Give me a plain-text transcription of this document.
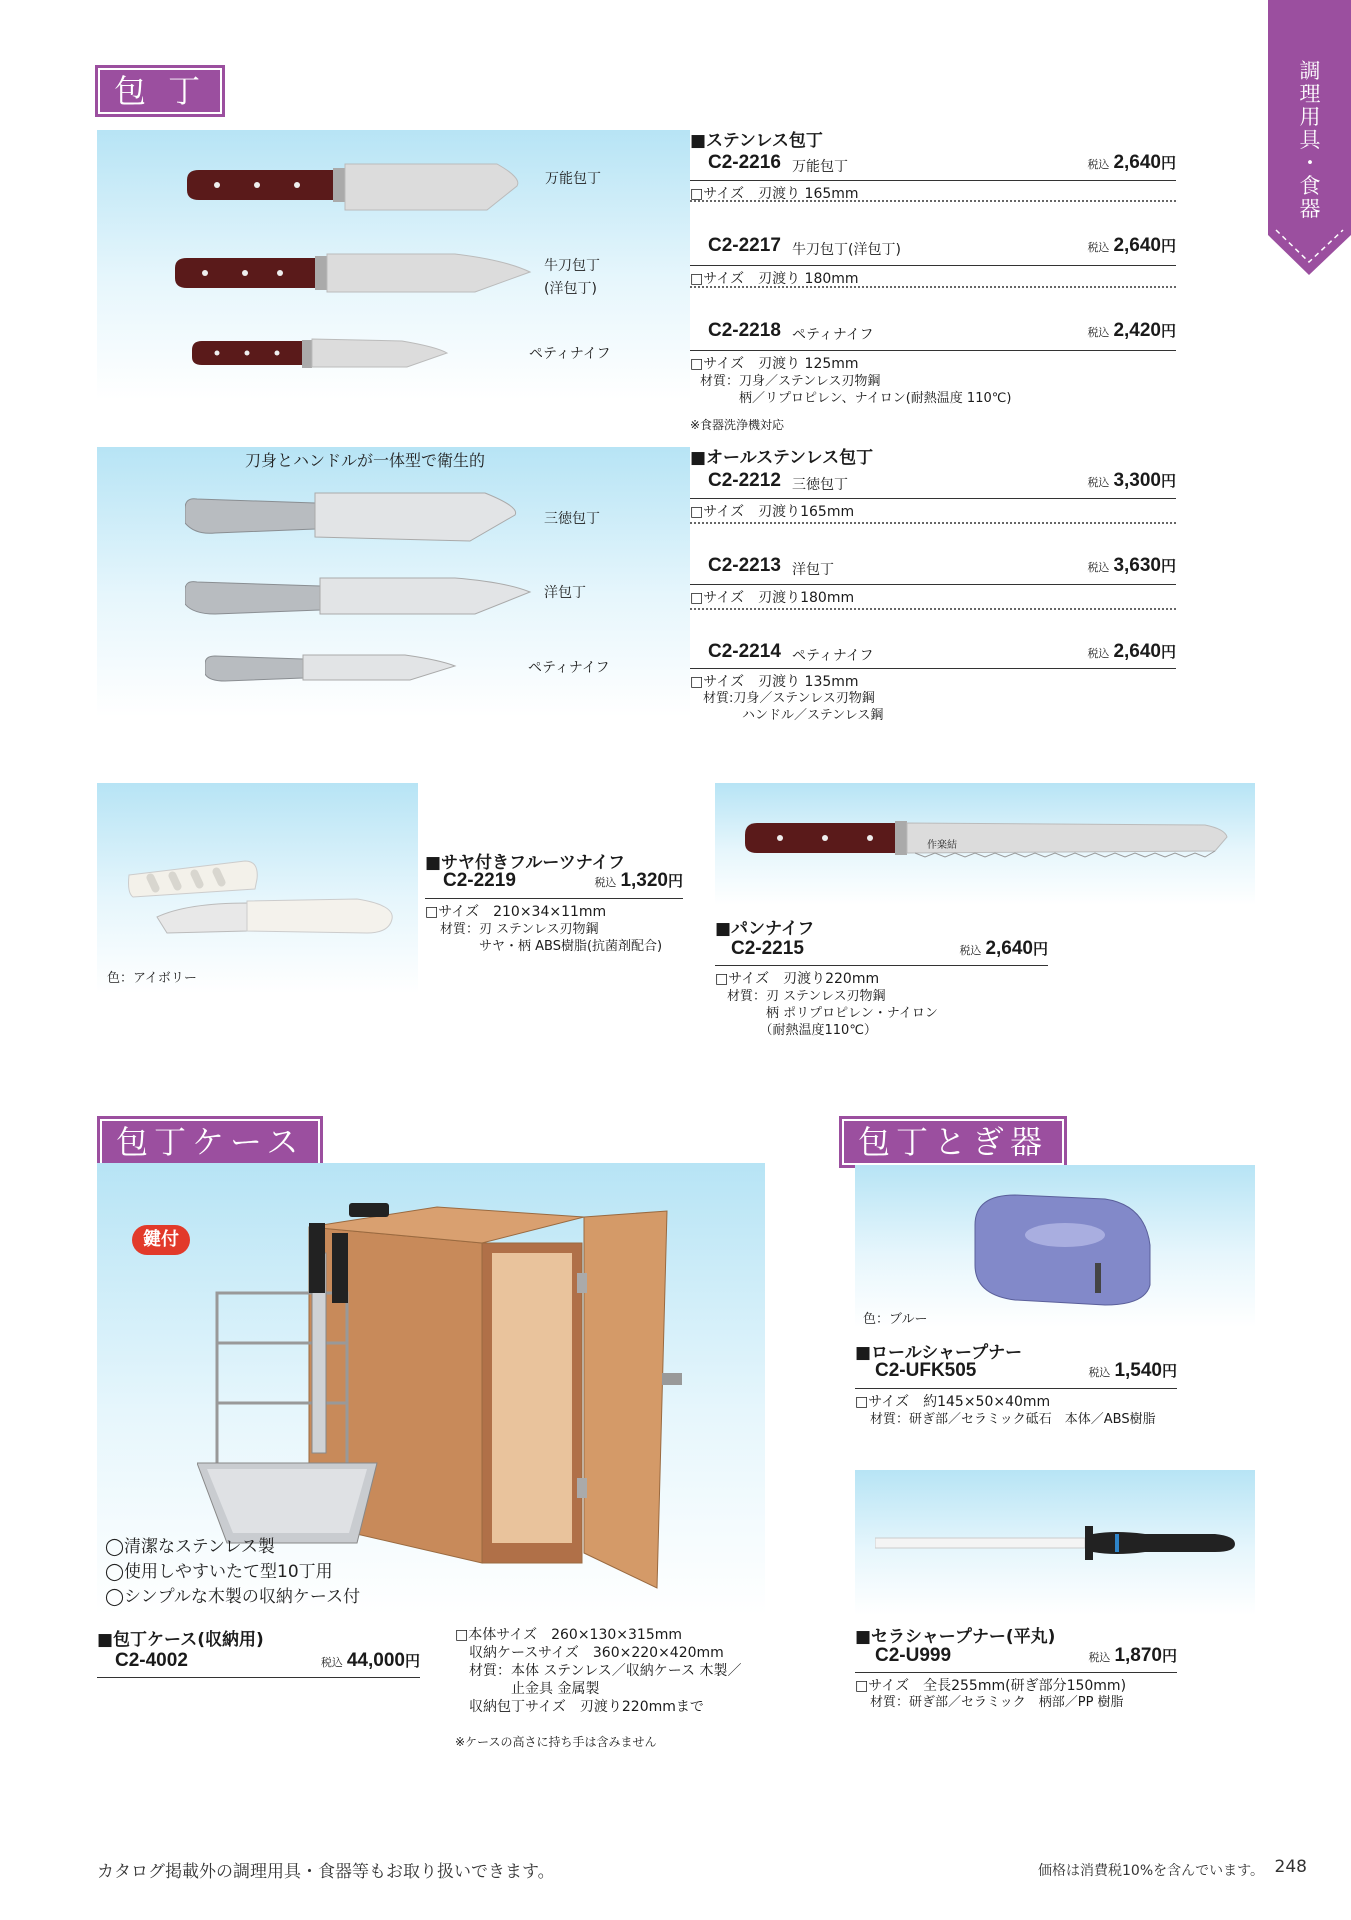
調
理
用
具
・
食
器
包 丁
万能包丁
牛刀包丁
(洋包丁)
ペティナイフ
刀身とハンドルが一体型で衛生的
三徳包丁
洋包丁
ペティナイフ
■ステンレス包丁
C2-2216 万能包丁	税込 2,640円
□サイズ　刃渡り 165mm
C2-2217 牛刀包丁(洋包丁)	税込 2,640円
□サイズ　刃渡り 180mm
C2-2218 ペティナイフ	税込 2,420円
□サイズ　刃渡り 125mm
材質：刀身／ステンレス刃物鋼
　　　柄／リプロピレン、ナイロン(耐熱温度 110℃)
※食器洗浄機対応
■オールステンレス包丁
C2-2212 三徳包丁	税込 3,300円
□サイズ　刃渡り165mm
C2-2213 洋包丁	税込 3,630円
□サイズ　刃渡り180mm
C2-2214 ペティナイフ	税込 2,640円
□サイズ　刃渡り 135mm
材質:刀身／ステンレス刃物鋼
　　　ハンドル／ステンレス鋼
色：アイボリー
■サヤ付きフルーツナイフ
C2-2219	税込 1,320円
□サイズ　210×34×11mm
材質：刃 ステンレス刃物鋼
　　　サヤ・柄 ABS樹脂(抗菌剤配合)
作楽結
■パンナイフ
C2-2215	税込 2,640円
□サイズ　刃渡り220mm
材質：刃 ステンレス刃物鋼
　　　柄 ポリプロピレン・ナイロン
　　　（耐熱温度110℃）
包丁ケース
鍵付
◯清潔なステンレス製
◯使用しやすいたて型10丁用
◯シンプルな木製の収納ケース付
■包丁ケース(収納用)
C2-4002	税込 44,000円
□本体サイズ　260×130×315mm
　収納ケースサイズ　360×220×420mm
　材質：本体 ステンレス／収納ケース 木製／
　　　　止金具 金属製
　収納包丁サイズ　刃渡り220mmまで
※ケースの高さに持ち手は含みません
包丁とぎ器
色：ブルー
■ロールシャープナー
C2-UFK505	税込 1,540円
□サイズ　約145×50×40mm
材質：研ぎ部／セラミック砥石　本体／ABS樹脂
■セラシャープナー(平丸)
C2-U999	税込 1,870円
□サイズ　全長255mm(研ぎ部分150mm)
材質：研ぎ部／セラミック　柄部／PP 樹脂
カタログ掲載外の調理用具・食器等もお取り扱いできます。	価格は消費税10%を含んでいます。 248
